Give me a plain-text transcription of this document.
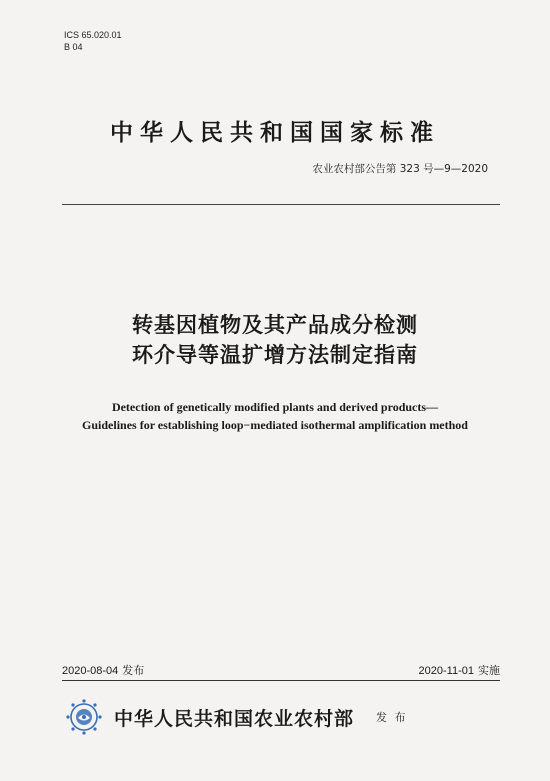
ICS 65.020.01
B 04
中华人民共和国国家标准
农业农村部公告第 323 号—9—2020
转基因植物及其产品成分检测
环介导等温扩增方法制定指南
Detection of genetically modified plants and derived products—
Guidelines for establishing loop−mediated isothermal amplification method
2020-08-04 发布	2020-11-01 实施
中华人民共和国农业农村部 发 布
